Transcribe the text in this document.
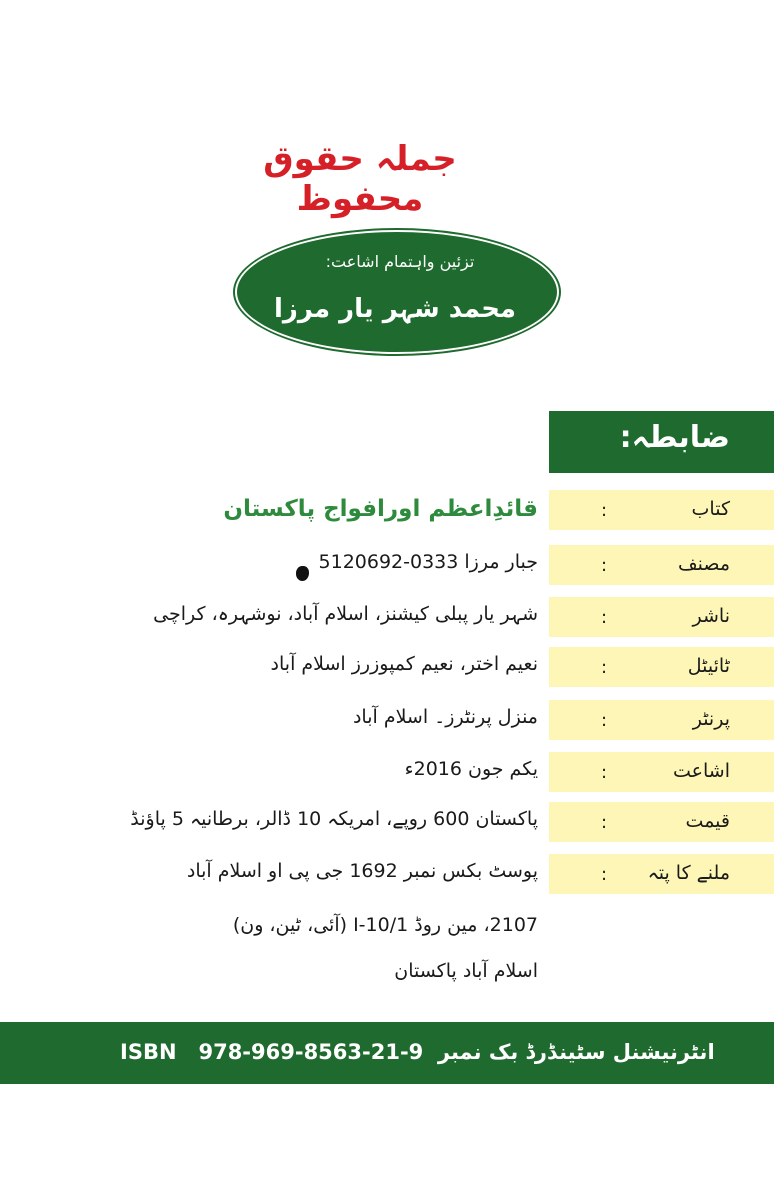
جملہ حقوق محفوظ
تزئین واہتمام اشاعت:
محمد شہر یار مرزا
ضابطہ:
کتاب
:
قائدِاعظم اورافواج پاکستان
مصنف
:
جبار مرزا 0333-5120692
ناشر
:
شہر یار پبلی کیشنز، اسلام آباد، نوشہرہ، کراچی
ٹائیٹل
:
نعیم اختر، نعیم کمپوزرز اسلام آباد
پرنٹر
:
منزل پرنٹرز۔ اسلام آباد
اشاعت
:
یکم جون 2016ء
قیمت
:
پاکستان 600 روپے، امریکہ 10 ڈالر، برطانیہ 5 پاؤنڈ
ملنے کا پتہ
:
پوسٹ بکس نمبر 1692 جی پی او اسلام آباد
2107، مین روڈ I-10/1 (آئی، ٹین، ون)
اسلام آباد پاکستان
ISBN 978-969-8563-21-9 انٹرنیشنل سٹینڈرڈ بک نمبر
